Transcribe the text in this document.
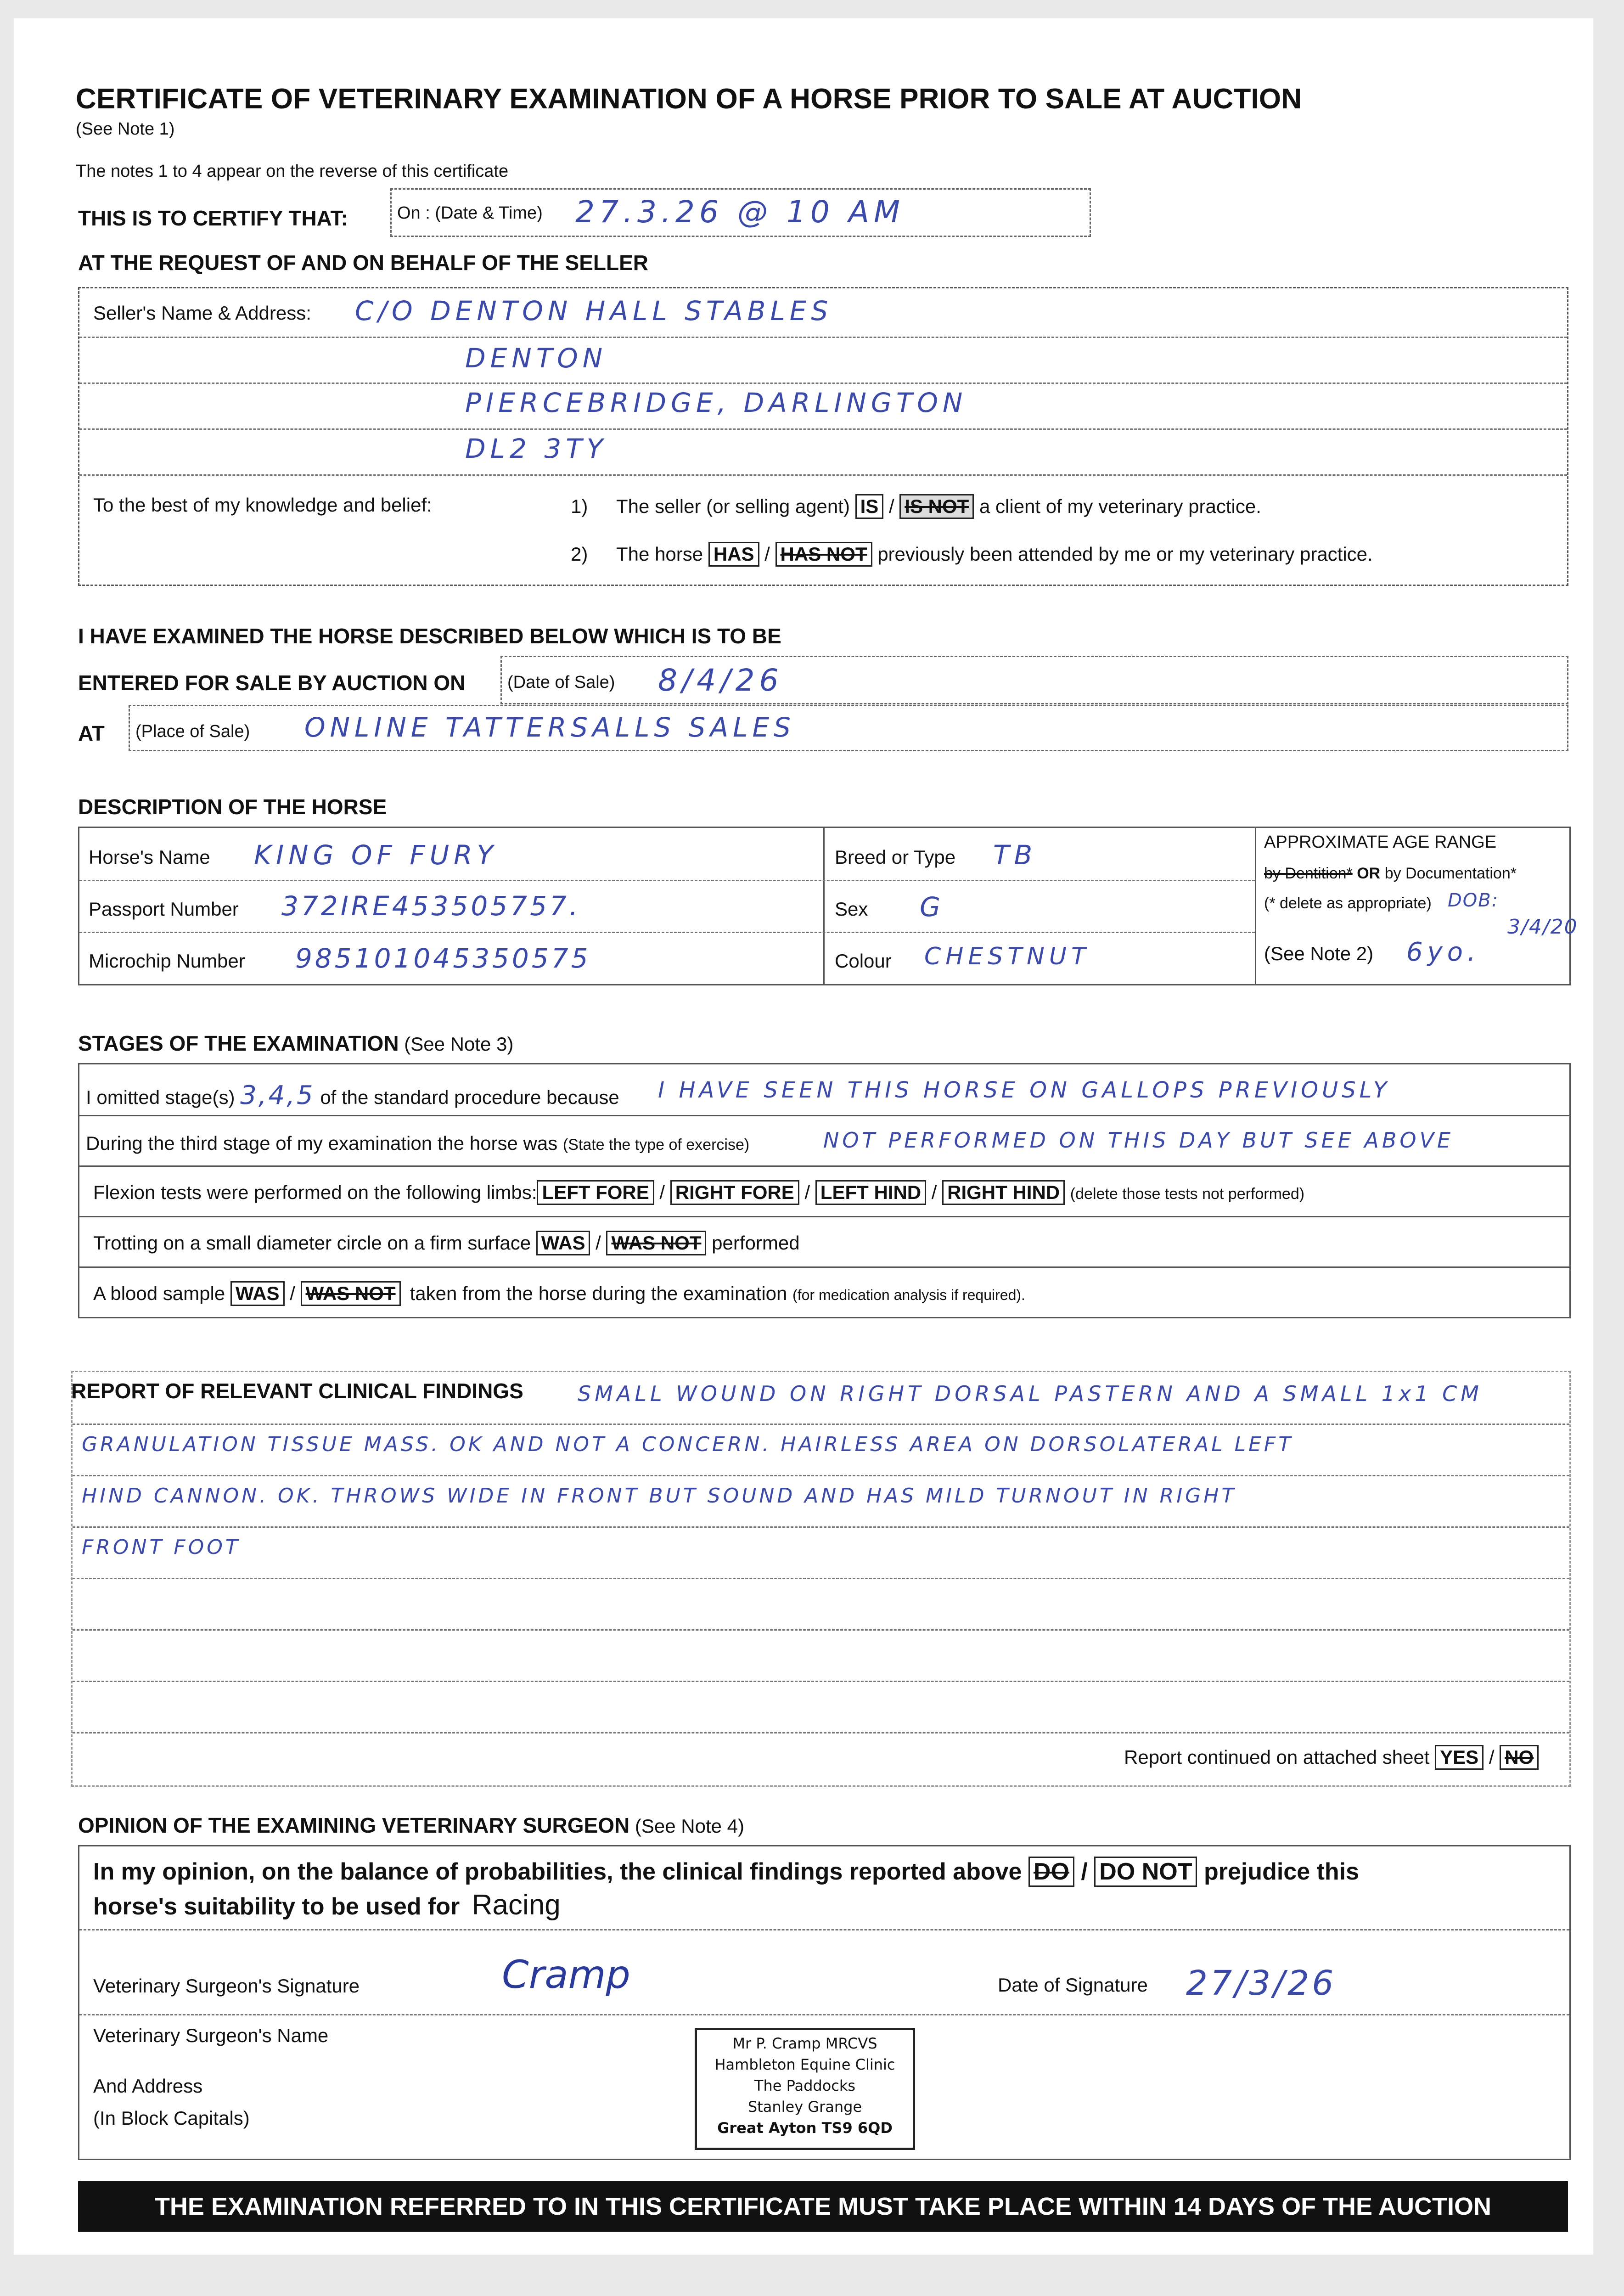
CERTIFICATE OF VETERINARY EXAMINATION OF A HORSE PRIOR TO SALE AT AUCTION
(See Note 1)
The notes 1 to 4 appear on the reverse of this certificate
THIS IS TO CERTIFY THAT:	On : (Date & Time) 27.3.26 @ 10 AM
AT THE REQUEST OF AND ON BEHALF OF THE SELLER
Seller's Name & Address: C/O DENTON HALL STABLES
DENTON
PIERCEBRIDGE, DARLINGTON
DL2 3TY
To the best of my knowledge and belief:	1) The seller (or selling agent) IS / IS NOT a client of my veterinary practice.
2) The horse HAS / HAS NOT previously been attended by me or my veterinary practice.
I HAVE EXAMINED THE HORSE DESCRIBED BELOW WHICH IS TO BE
ENTERED FOR SALE BY AUCTION ON (Date of Sale) 8/4/26
AT (Place of Sale) ONLINE TATTERSALLS SALES
DESCRIPTION OF THE HORSE
Horse's Name KING OF FURY
Passport Number 372IRE453505757.
Microchip Number 985101045350575
Breed or Type TB
Sex G
Colour CHESTNUT
APPROXIMATE AGE RANGE
by Dentition* OR by Documentation*
(* delete as appropriate) DOB:
3/4/20
(See Note 2) 6yo.
STAGES OF THE EXAMINATION (See Note 3)
I omitted stage(s) 3,4,5 of the standard procedure because I HAVE SEEN THIS HORSE ON GALLOPS PREVIOUSLY
During the third stage of my examination the horse was (State the type of exercise)	NOT PERFORMED ON THIS DAY BUT SEE ABOVE
Flexion tests were performed on the following limbs: LEFT FORE / RIGHT FORE / LEFT HIND / RIGHT HIND (delete those tests not performed)
Trotting on a small diameter circle on a firm surface WAS / WAS NOT performed
A blood sample WAS / WAS NOT taken from the horse during the examination (for medication analysis if required).
REPORT OF RELEVANT CLINICAL FINDINGS	SMALL WOUND ON RIGHT DORSAL PASTERN AND A SMALL 1x1 CM
GRANULATION TISSUE MASS. OK AND NOT A CONCERN. HAIRLESS AREA ON DORSOLATERAL LEFT
HIND CANNON. OK. THROWS WIDE IN FRONT BUT SOUND AND HAS MILD TURNOUT IN RIGHT
FRONT FOOT
Report continued on attached sheet YES / NO
OPINION OF THE EXAMINING VETERINARY SURGEON (See Note 4)
In my opinion, on the balance of probabilities, the clinical findings reported above DO / DO NOT prejudice this
horse's suitability to be used for Racing
Veterinary Surgeon's Signature	Cramp	Date of Signature 27/3/26
Veterinary Surgeon's Name
And Address
(In Block Capitals)
Mr P. Cramp MRCVS
Hambleton Equine Clinic
The Paddocks
Stanley Grange
Great Ayton TS9 6QD
THE EXAMINATION REFERRED TO IN THIS CERTIFICATE MUST TAKE PLACE WITHIN 14 DAYS OF THE AUCTION
